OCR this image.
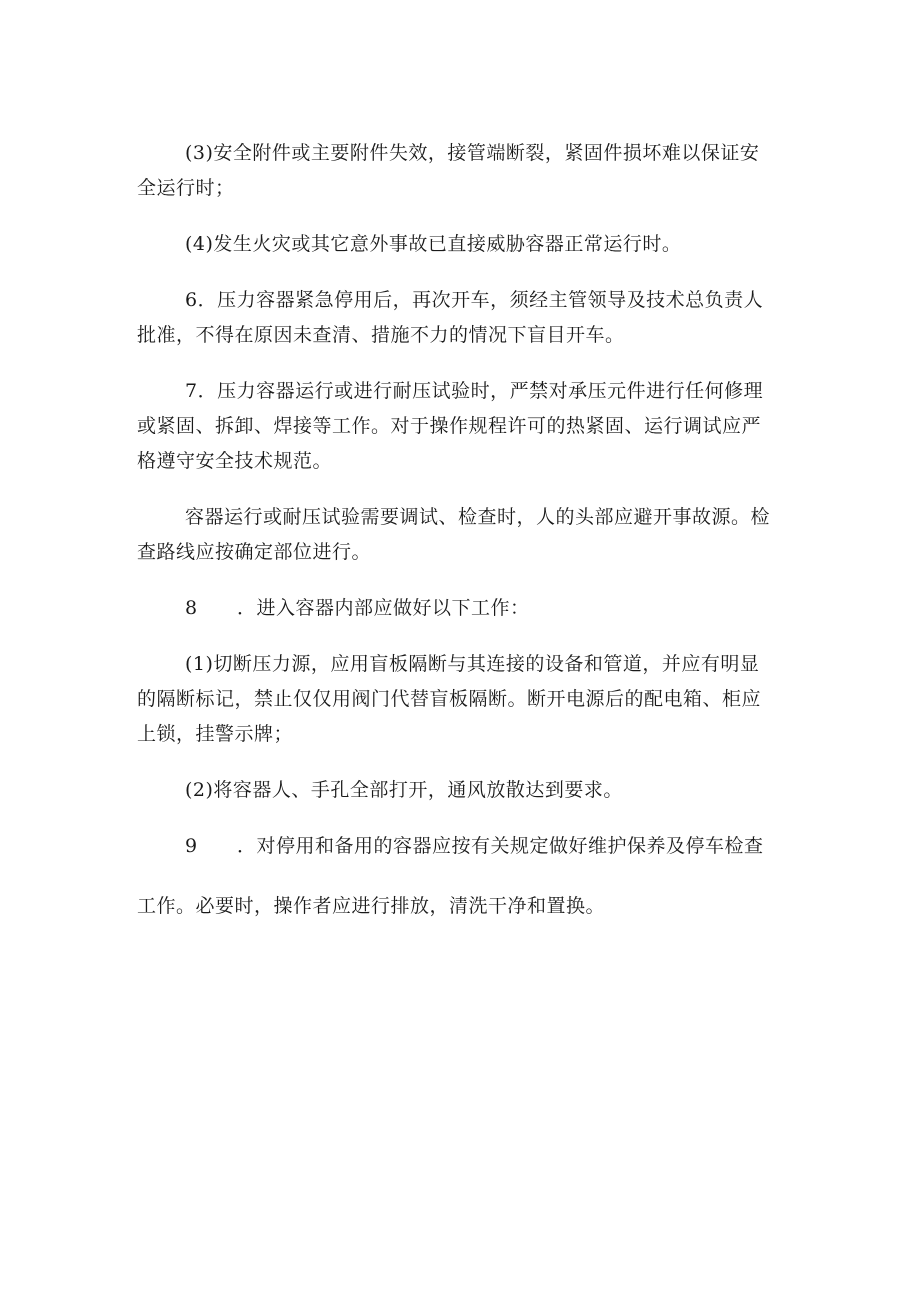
(3)安全附件或主要附件失效，接管端断裂，紧固件损坏难以保证安
全运行时；

(4)发生火灾或其它意外事故已直接威胁容器正常运行时。

6．压力容器紧急停用后，再次开车，须经主管领导及技术总负责人
批准，不得在原因未查清、措施不力的情况下盲目开车。

7．压力容器运行或进行耐压试验时，严禁对承压元件进行任何修理
或紧固、拆卸、焊接等工作。对于操作规程许可的热紧固、运行调试应严
格遵守安全技术规范。

容器运行或耐压试验需要调试、检查时，人的头部应避开事故源。检
查路线应按确定部位进行。

8 ．进入容器内部应做好以下工作：

(1)切断压力源，应用盲板隔断与其连接的设备和管道，并应有明显
的隔断标记，禁止仅仅用阀门代替盲板隔断。断开电源后的配电箱、柜应
上锁，挂警示牌；

(2)将容器人、手孔全部打开，通风放散达到要求。

9 ．对停用和备用的容器应按有关规定做好维护保养及停车检查
工作。必要时，操作者应进行排放，清洗干净和置换。
